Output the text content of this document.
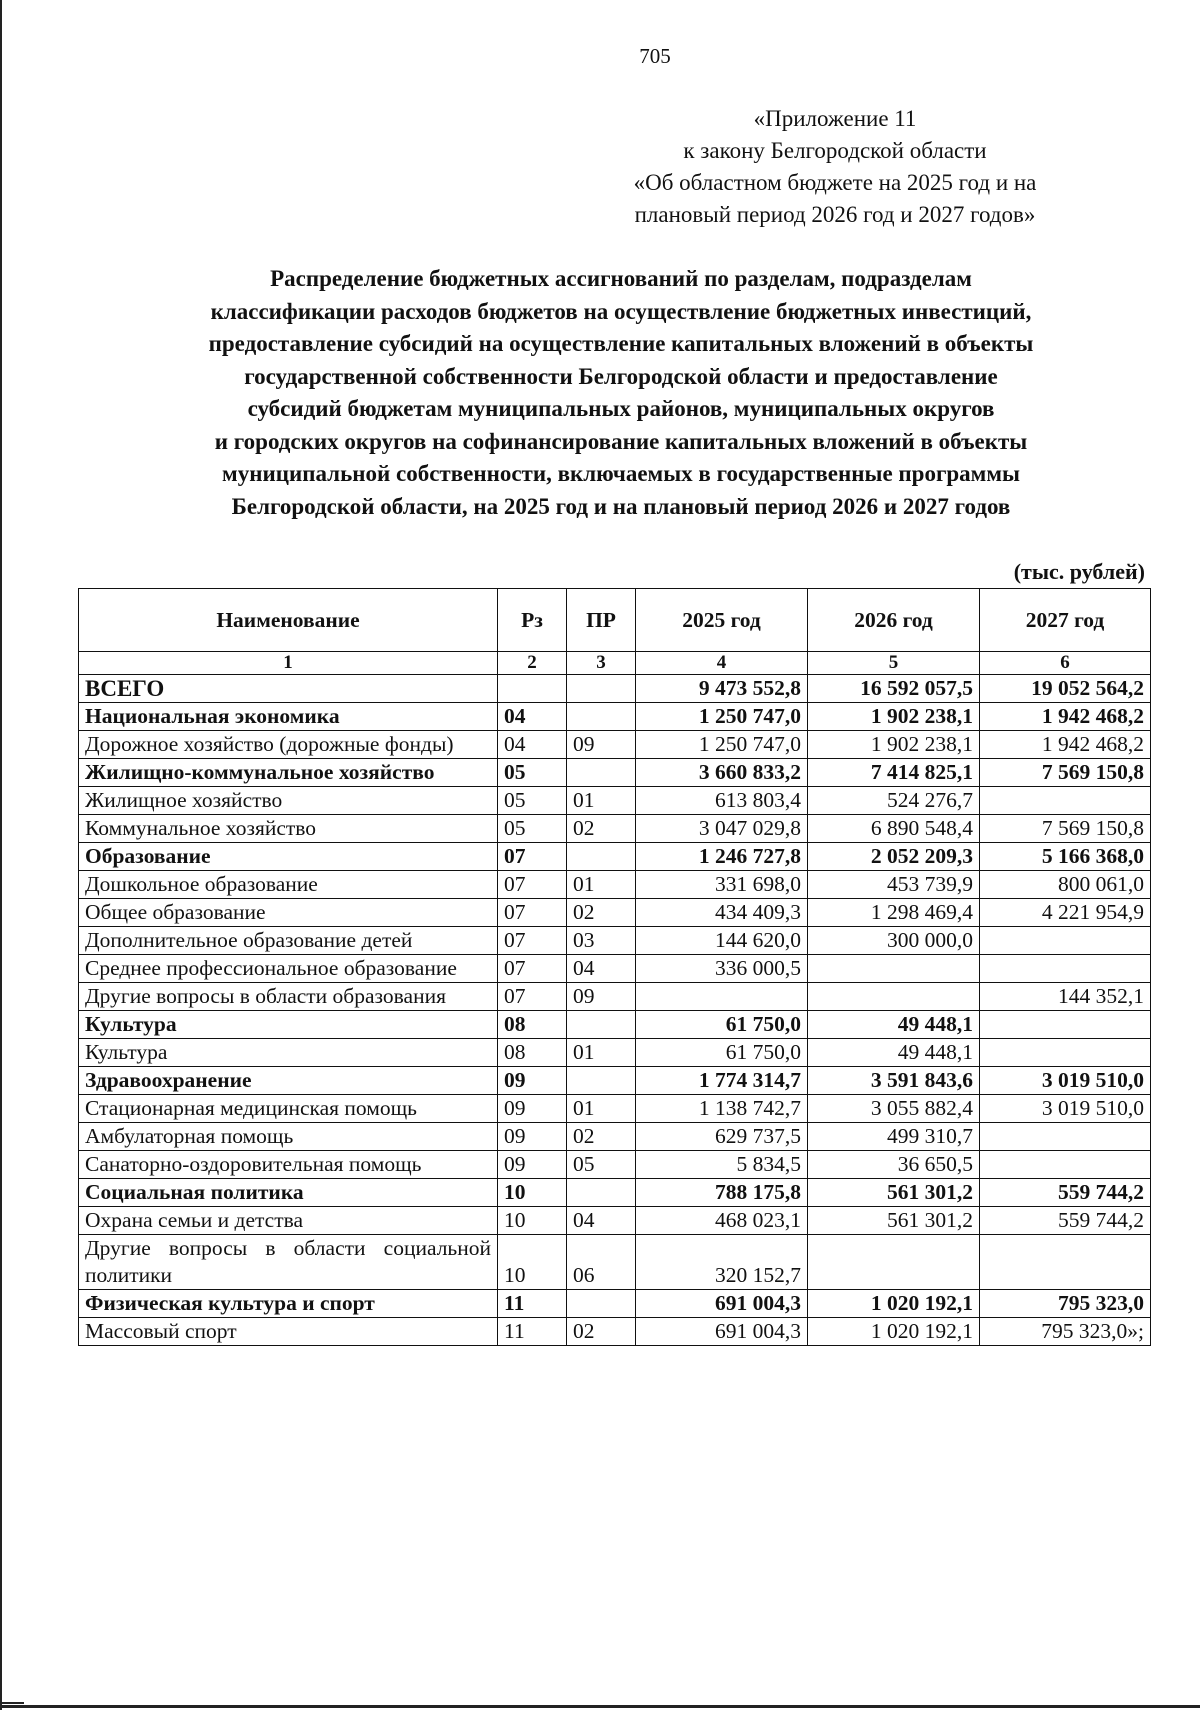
705
«Приложение 11
к закону Белгородской области
«Об областном бюджете на 2025 год и на
плановый период 2026 год и 2027 годов»
Распределение бюджетных ассигнований по разделам, подразделам
классификации расходов бюджетов на осуществление бюджетных инвестиций,
предоставление субсидий на осуществление капитальных вложений в объекты
государственной собственности Белгородской области и предоставление
субсидий бюджетам муниципальных районов, муниципальных округов
и городских округов на софинансирование капитальных вложений в объекты
муниципальной собственности, включаемых в государственные программы
Белгородской области, на 2025 год и на плановый период 2026 и 2027 годов
(тыс. рублей)
Наименование	Рз	ПР	2025 год	2026 год	2027 год
1	2	3	4	5	6
ВСЕГО			9 473 552,8	16 592 057,5	19 052 564,2
Национальная экономика	04		1 250 747,0	1 902 238,1	1 942 468,2
Дорожное хозяйство (дорожные фонды)	04	09	1 250 747,0	1 902 238,1	1 942 468,2
Жилищно-коммунальное хозяйство	05		3 660 833,2	7 414 825,1	7 569 150,8
Жилищное хозяйство	05	01	613 803,4	524 276,7	
Коммунальное хозяйство	05	02	3 047 029,8	6 890 548,4	7 569 150,8
Образование	07		1 246 727,8	2 052 209,3	5 166 368,0
Дошкольное образование	07	01	331 698,0	453 739,9	800 061,0
Общее образование	07	02	434 409,3	1 298 469,4	4 221 954,9
Дополнительное образование детей	07	03	144 620,0	300 000,0	
Среднее профессиональное образование	07	04	336 000,5		
Другие вопросы в области образования	07	09			144 352,1
Культура	08		61 750,0	49 448,1	
Культура	08	01	61 750,0	49 448,1	
Здравоохранение	09		1 774 314,7	3 591 843,6	3 019 510,0
Стационарная медицинская помощь	09	01	1 138 742,7	3 055 882,4	3 019 510,0
Амбулаторная помощь	09	02	629 737,5	499 310,7	
Санаторно-оздоровительная помощь	09	05	5 834,5	36 650,5	
Социальная политика	10		788 175,8	561 301,2	559 744,2
Охрана семьи и детства	10	04	468 023,1	561 301,2	559 744,2
Другие вопросы в области социальной политики	10	06	320 152,7		
Физическая культура и спорт	11		691 004,3	1 020 192,1	795 323,0
Массовый спорт	11	02	691 004,3	1 020 192,1	795 323,0»;
